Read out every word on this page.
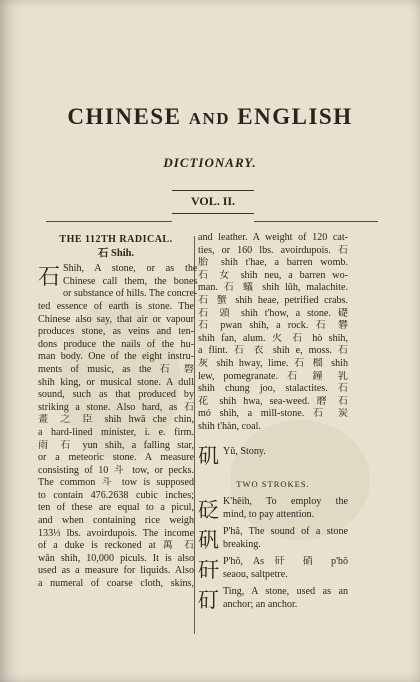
CHINESE AND ENGLISH
DICTIONARY.
VOL. II.
THE 112TH RADICAL.
石 Shih.
石 Shih, A stone, or as the
Chinese call them, the bones
or substance of hills. The concre-
ted essence of earth is stone. The
Chinese also say, that air or vapour
produces stone, as veins and ten-
dons produce the nails of the hu-
man body. One of the eight instru-
ments of music, as the 石 磬
shih king, or musical stone. A dull
sound, such as that produced by
striking a stone. Also hard, as 石
畫 之 臣 shih hwă che chin,
a hard-lined minister, i. e. firm.
雨 石 yun shih, a falling star,
or a meteoric stone. A measure
consisting of 10 斗 tow, or pecks.
The common 斗 tow is supposed
to contain 476.2638 cubic inches;
ten of these are equal to a picul,
and when containing rice weigh
133⅓ lbs. avoirdupois. The income
of a duke is reckoned at 萬 石
wăn shih, 10,000 piculs. It is also
used as a measure for liquids. Also
a numeral of coarse cloth, skins,
and leather. A weight of 120 cat-
ties, or 160 lbs. avoirdupois. 石
胎 shih t'hae, a barren womb.
石 女 shih neu, a barren wo-
man. 石 蟻 shih lŭh, malachite.
石 蟹 shih heae, petrified crabs.
石 頭 shih t'how, a stone. 礎
石 pwan shih, a rock. 石 礬
shih fan, alum. 火 石 hò shih,
a flint. 石 衣 shih e, moss. 石
灰 shih hway, lime. 石 榴 shih
lew, pomegranate. 石 鐘 乳
shih chung joo, stalactites. 石
花 shih hwa, sea-weed. 磨 石
mó shih, a mill-stone. 石 炭
shih t'hàn, coal.
矶 Yŭ, Stony.
TWO STROKES.
砭 K'hĕih, To employ the
mind, to pay attention.
矾 P'hă, The sound of a stone
breaking.
矸 P'hŏ, As 矸 硝 p'hŏ
seaou, saltpetre.
矴 Ting, A stone, used as an
anchor; an anchor.
